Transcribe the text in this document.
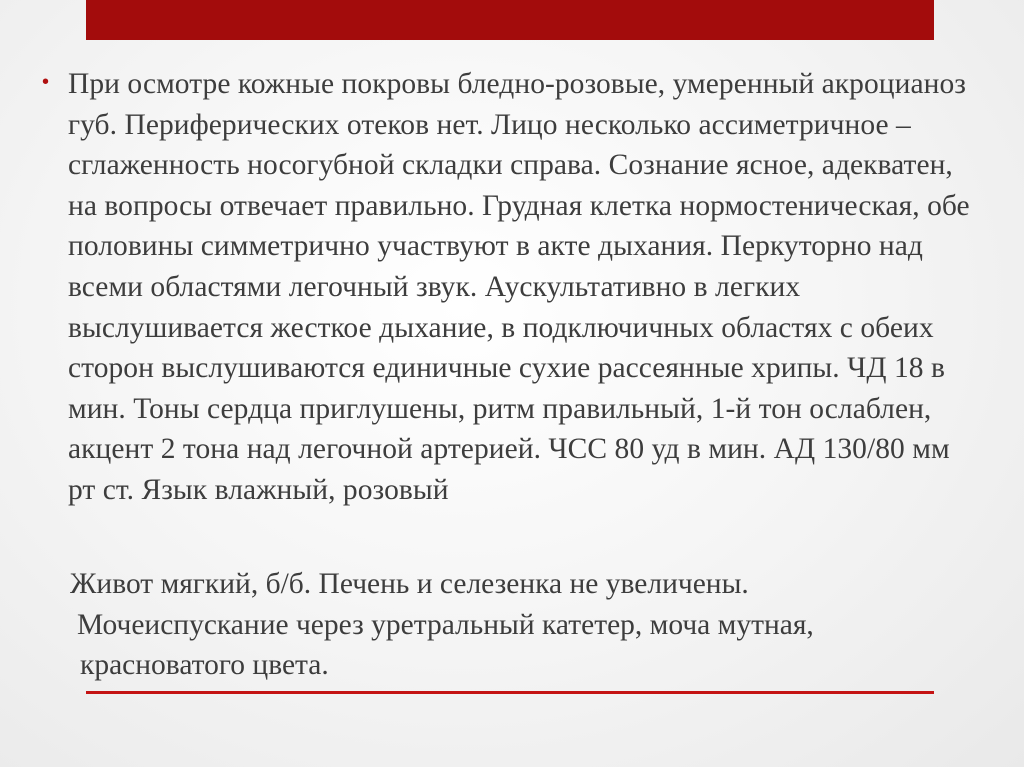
• При осмотре кожные покровы бледно-розовые, умеренный акроцианоз губ. Периферических отеков нет. Лицо несколько ассиметричное – сглаженность носогубной складки справа. Сознание ясное, адекватен, на вопросы отвечает правильно. Грудная клетка нормостеническая, обе половины симметрично участвуют в акте дыхания. Перкуторно над всеми областями легочный звук. Аускультативно в легких выслушивается жесткое дыхание, в подключичных областях с обеих сторон выслушиваются единичные сухие рассеянные хрипы. ЧД 18 в мин. Тоны сердца приглушены, ритм правильный, 1-й тон ослаблен, акцент 2 тона над легочной артерией. ЧСС 80 уд в мин. АД 130/80 мм рт ст. Язык влажный, розовый

Живот мягкий, б/б. Печень и селезенка не увеличены.
Мочеиспускание через уретральный катетер, моча мутная,
красноватого цвета.
